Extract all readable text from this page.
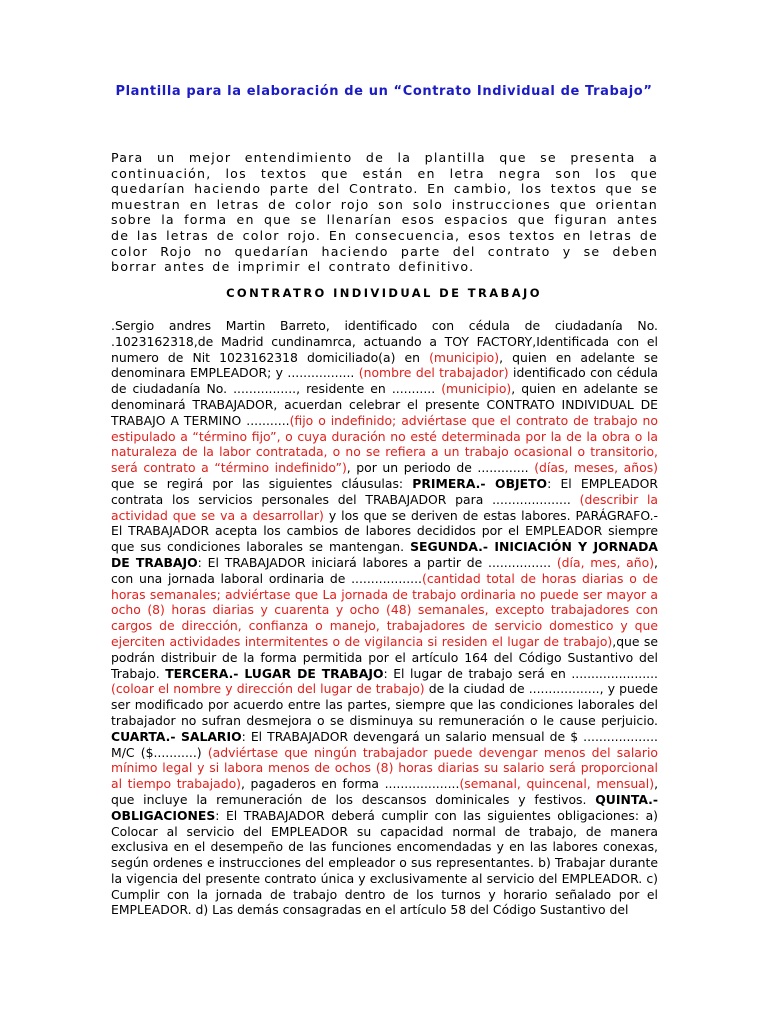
Plantilla para la elaboración de un “Contrato Individual de Trabajo”
Para un mejor entendimiento de la plantilla que se presenta a continuación, los textos que están en letra negra son los que quedarían haciendo parte del Contrato. En cambio, los textos que se muestran en letras de color rojo son solo instrucciones que orientan sobre la forma en que se llenarían esos espacios que figuran antes de las letras de color rojo. En consecuencia, esos textos en letras de color Rojo no quedarían haciendo parte del contrato y se deben borrar antes de imprimir el contrato definitivo.
CONTRATRO INDIVIDUAL DE TRABAJO
.Sergio andres Martin Barreto, identificado con cédula de ciudadanía No. .1023162318,de Madrid cundinamrca, actuando a TOY FACTORY,Identificada con el numero de Nit 1023162318 domiciliado(a) en (municipio), quien en adelante se denominara EMPLEADOR; y ................. (nombre del trabajador) identificado con cédula de ciudadanía No. ................, residente en ........... (municipio), quien en adelante se denominará TRABAJADOR, acuerdan celebrar el presente CONTRATO INDIVIDUAL DE TRABAJO A TERMINO ...........(fijo o indefinido; adviértase que el contrato de trabajo no estipulado a “término fijo”, o cuya duración no esté determinada por la de la obra o la naturaleza de la labor contratada, o no se refiera a un trabajo ocasional o transitorio, será contrato a “término indefinido”), por un periodo de ............. (días, meses, años) que se regirá por las siguientes cláusulas: PRIMERA.- OBJETO: El EMPLEADOR contrata los servicios personales del TRABAJADOR para .................... (describir la actividad que se va a desarrollar) y los que se deriven de estas labores. PARÁGRAFO.- El TRABAJADOR acepta los cambios de labores decididos por el EMPLEADOR siempre que sus condiciones laborales se mantengan. SEGUNDA.- INICIACIÓN Y JORNADA DE TRABAJO: El TRABAJADOR iniciará labores a partir de ................ (día, mes, año), con una jornada laboral ordinaria de ..................(cantidad total de horas diarias o de horas semanales; adviértase que La jornada de trabajo ordinaria no puede ser mayor a ocho (8) horas diarias y cuarenta y ocho (48) semanales, excepto trabajadores con cargos de dirección, confianza o manejo, trabajadores de servicio domestico y que ejerciten actividades intermitentes o de vigilancia si residen el lugar de trabajo),que se podrán distribuir de la forma permitida por el artículo 164 del Código Sustantivo del Trabajo. TERCERA.- LUGAR DE TRABAJO: El lugar de trabajo será en ...................... (coloar el nombre y dirección del lugar de trabajo) de la ciudad de .................., y puede ser modificado por acuerdo entre las partes, siempre que las condiciones laborales del trabajador no sufran desmejora o se disminuya su remuneración o le cause perjuicio. CUARTA.- SALARIO: El TRABAJADOR devengará un salario mensual de $ ................... M/C ($...........) (adviértase que ningún trabajador puede devengar menos del salario mínimo legal y si labora menos de ochos (8) horas diarias su salario será proporcional al tiempo trabajado), pagaderos en forma ...................(semanal, quincenal, mensual), que incluye la remuneración de los descansos dominicales y festivos. QUINTA.- OBLIGACIONES: El TRABAJADOR deberá cumplir con las siguientes obligaciones: a) Colocar al servicio del EMPLEADOR su capacidad normal de trabajo, de manera exclusiva en el desempeño de las funciones encomendadas y en las labores conexas, según ordenes e instrucciones del empleador o sus representantes. b) Trabajar durante la vigencia del presente contrato única y exclusivamente al servicio del EMPLEADOR. c) Cumplir con la jornada de trabajo dentro de los turnos y horario señalado por el EMPLEADOR. d) Las demás consagradas en el artículo 58 del Código Sustantivo del
